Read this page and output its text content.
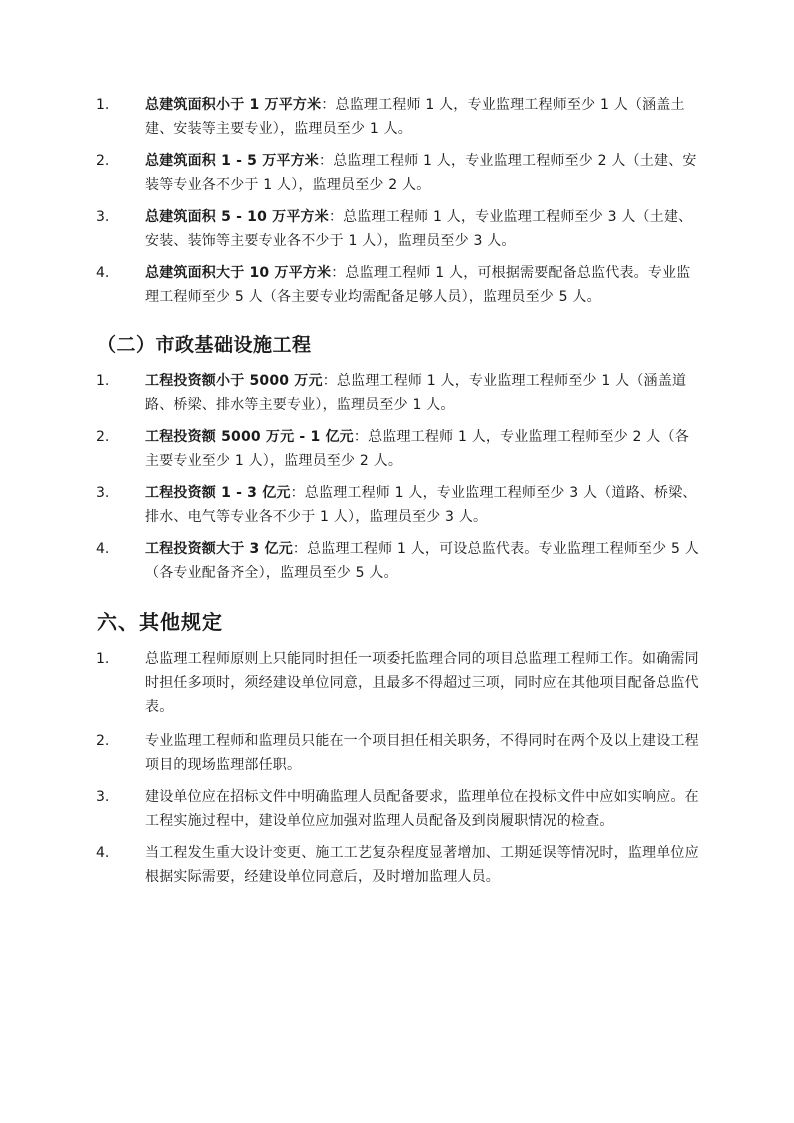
1.	总建筑面积小于 1 万平方米：总监理工程师 1 人，专业监理工程师至少 1 人（涵盖土建、安装等主要专业），监理员至少 1 人。
2.	总建筑面积 1 - 5 万平方米：总监理工程师 1 人，专业监理工程师至少 2 人（土建、安装等专业各不少于 1 人），监理员至少 2 人。
3.	总建筑面积 5 - 10 万平方米：总监理工程师 1 人，专业监理工程师至少 3 人（土建、安装、装饰等主要专业各不少于 1 人），监理员至少 3 人。
4.	总建筑面积大于 10 万平方米：总监理工程师 1 人，可根据需要配备总监代表。专业监理工程师至少 5 人（各主要专业均需配备足够人员），监理员至少 5 人。
（二）市政基础设施工程
1.	工程投资额小于 5000 万元：总监理工程师 1 人，专业监理工程师至少 1 人（涵盖道路、桥梁、排水等主要专业），监理员至少 1 人。
2.	工程投资额 5000 万元 - 1 亿元：总监理工程师 1 人，专业监理工程师至少 2 人（各主要专业至少 1 人），监理员至少 2 人。
3.	工程投资额 1 - 3 亿元：总监理工程师 1 人，专业监理工程师至少 3 人（道路、桥梁、排水、电气等专业各不少于 1 人），监理员至少 3 人。
4.	工程投资额大于 3 亿元：总监理工程师 1 人，可设总监代表。专业监理工程师至少 5 人（各专业配备齐全），监理员至少 5 人。
六、其他规定
1.	总监理工程师原则上只能同时担任一项委托监理合同的项目总监理工程师工作。如确需同时担任多项时，须经建设单位同意，且最多不得超过三项，同时应在其他项目配备总监代表。
2.	专业监理工程师和监理员只能在一个项目担任相关职务，不得同时在两个及以上建设工程项目的现场监理部任职。
3.	建设单位应在招标文件中明确监理人员配备要求，监理单位在投标文件中应如实响应。在工程实施过程中，建设单位应加强对监理人员配备及到岗履职情况的检查。
4.	当工程发生重大设计变更、施工工艺复杂程度显著增加、工期延误等情况时，监理单位应根据实际需要，经建设单位同意后，及时增加监理人员。
